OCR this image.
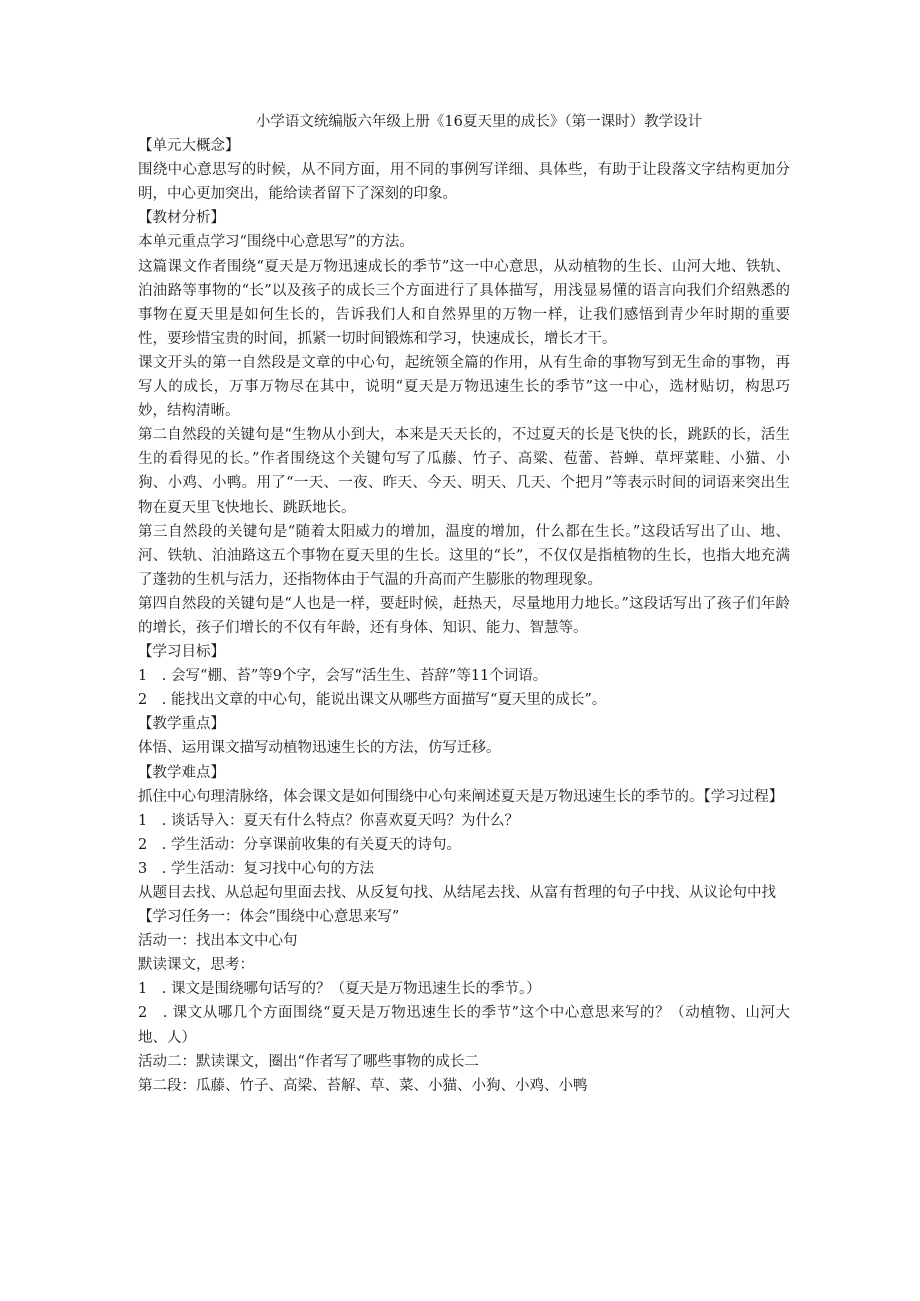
小学语文统编版六年级上册《16夏天里的成长》（第一课时）教学设计
【单元大概念】

围绕中心意思写的时候，从不同方面，用不同的事例写详细、具体些，有助于让段落文字结构更加分明，中心更加突出，能给读者留下了深刻的印象。

【教材分析】

本单元重点学习“围绕中心意思写”的方法。

这篇课文作者围绕“夏天是万物迅速成长的季节”这一中心意思，从动植物的生长、山河大地、铁轨、泊油路等事物的“长”以及孩子的成长三个方面进行了具体描写，用浅显易懂的语言向我们介绍熟悉的事物在夏天里是如何生长的，告诉我们人和自然界里的万物一样，让我们感悟到青少年时期的重要性，要珍惜宝贵的时间，抓紧一切时间锻炼和学习，快速成长，增长才干。

课文开头的第一自然段是文章的中心句，起统领全篇的作用，从有生命的事物写到无生命的事物，再写人的成长，万事万物尽在其中，说明“夏天是万物迅速生长的季节”这一中心，选材贴切，构思巧妙，结构清晰。

第二自然段的关键句是“生物从小到大，本来是天天长的，不过夏天的长是飞快的长，跳跃的长，活生生的看得见的长。”作者围绕这个关键句写了瓜藤、竹子、高粱、苞蕾、苔蝉、草坪菜畦、小猫、小狗、小鸡、小鸭。用了“一天、一夜、昨天、今天、明天、几天、个把月”等表示时间的词语来突出生物在夏天里飞快地长、跳跃地长。

第三自然段的关键句是“随着太阳威力的增加，温度的增加，什么都在生长。”这段话写出了山、地、河、铁轨、泊油路这五个事物在夏天里的生长。这里的“长”，不仅仅是指植物的生长，也指大地充满了蓬勃的生机与活力，还指物体由于气温的升高而产生膨胀的物理现象。

第四自然段的关键句是“人也是一样，要赶时候，赶热天，尽量地用力地长。”这段话写出了孩子们年龄的增长，孩子们增长的不仅有年龄，还有身体、知识、能力、智慧等。

【学习目标】

1　. 会写“棚、苔”等9个字，会写“活生生、苔辞”等11个词语。

2　. 能找出文章的中心句，能说出课文从哪些方面描写“夏天里的成长”。

【教学重点】

体悟、运用课文描写动植物迅速生长的方法，仿写迁移。

【教学难点】

抓住中心句理清脉络，体会课文是如何围绕中心句来阐述夏天是万物迅速生长的季节的。【学习过程】

1　. 谈话导入：夏天有什么特点？你喜欢夏天吗？为什么？

2　. 学生活动：分享课前收集的有关夏天的诗句。

3　. 学生活动：复习找中心句的方法

从题目去找、从总起句里面去找、从反复句找、从结尾去找、从富有哲理的句子中找、从议论句中找

【学习任务一：体会“围绕中心意思来写”

活动一：找出本文中心句

默读课文，思考：

1　. 课文是围绕哪句话写的？（夏天是万物迅速生长的季节。）

2　. 课文从哪几个方面围绕“夏天是万物迅速生长的季节”这个中心意思来写的？（动植物、山河大地、人）

活动二：默读课文，圈出“作者写了哪些事物的成长二

第二段：瓜藤、竹子、高梁、苔解、草、菜、小猫、小狗、小鸡、小鸭
